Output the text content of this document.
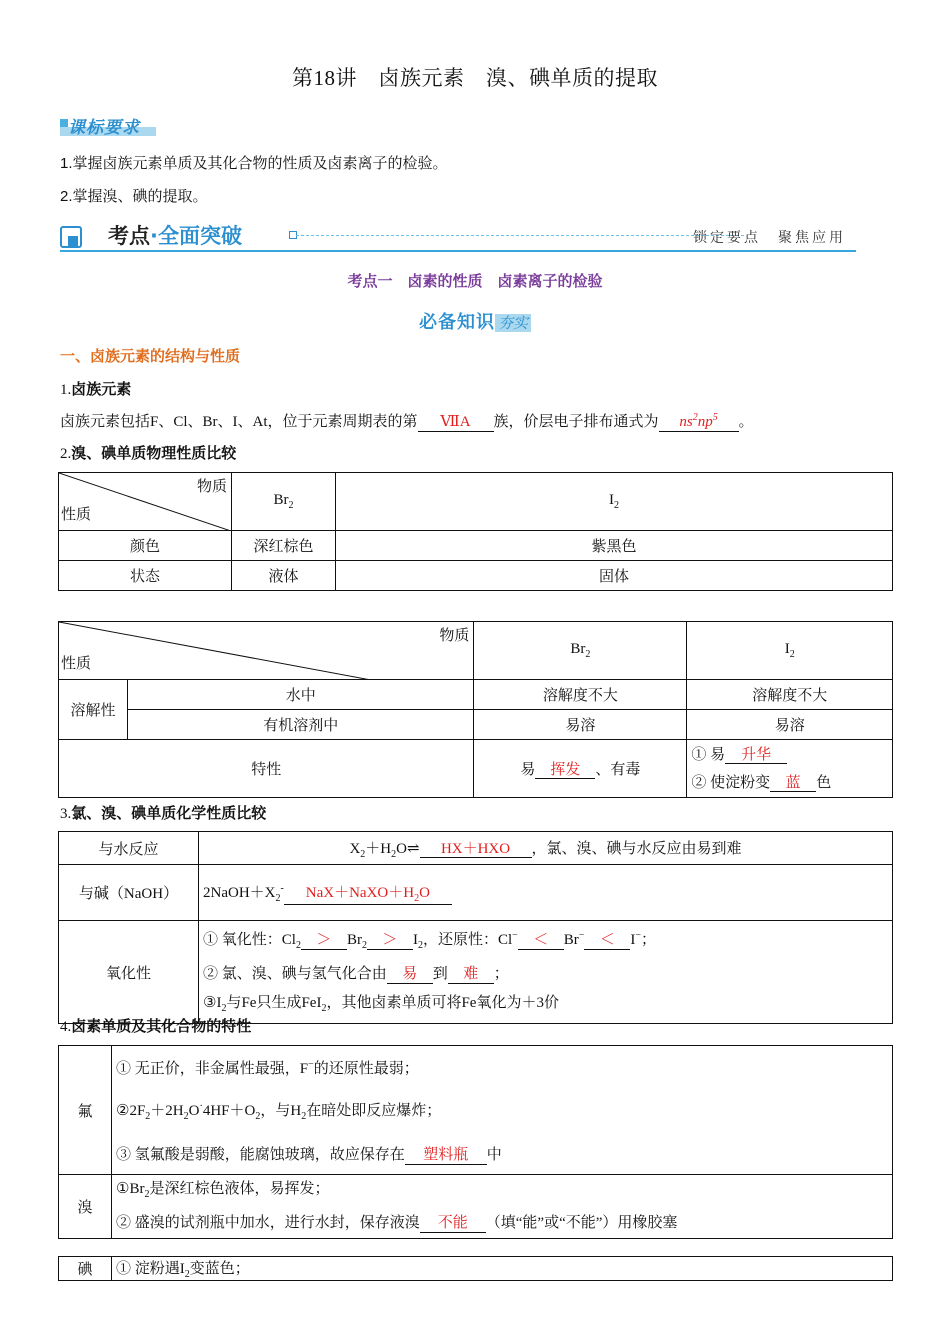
第18讲　卤族元素　溴、碘单质的提取
课标要求
1.掌握卤族元素单质及其化合物的性质及卤素离子的检验。
2.掌握溴、碘的提取。
考点·全面突破	锁定要点　聚焦应用
考点一　卤素的性质　卤素离子的检验
必备知识 夯实
一、卤族元素的结构与性质
1.卤族元素
卤族元素包括F、Cl、Br、I、At，位于元素周期表的第 ⅦA 族，价层电子排布通式为 $ns^2np^5$ 。
2.溴、碘单质物理性质比较
物质
性质	$Br_2$	$I_2$
颜色	深红棕色	紫黑色
状态	液体	固体
物质
性质		$Br_2$	$I_2$
溶解性	水中	溶解度不大	溶解度不大
	有机溶剂中	易溶	易溶
特性		易 挥发 、有毒	① 易 升华
② 使淀粉变 蓝 色
3.氯、溴、碘单质化学性质比较
与水反应	$X_2+H_2O\rightleftharpoons$ HX＋HXO ，氯、溴、碘与水反应由易到难
与碱（NaOH）	$2NaOH+X_2^-$ $NaX+NaXO+H_2O$
氧化性	① 氧化性：$Cl_2 > Br_2 > I_2$，还原性：Cl− ＜ Br− ＜ I−；
② 氯、溴、碘与氢气化合由 易 到 难 ；
$③I_2$与Fe只生成FeI$_2$，其他卤素单质可将Fe氧化为＋3价
4.卤素单质及其化合物的特性
氟	① 无正价，非金属性最强，F−的还原性最弱；
$②2F_2+2H_2O^\cdot 4HF+O_2$，与$H_2$在暗处即反应爆炸；
③ 氢氟酸是弱酸，能腐蚀玻璃，故应保存在 塑料瓶 中

溴	$①Br_2$是深红棕色液体，易挥发；
② 盛溴的试剂瓶中加水，进行水封，保存液溴 不能 （填“能”或“不能”）用橡胶塞
碘	① 淀粉遇$I_2$变蓝色；
